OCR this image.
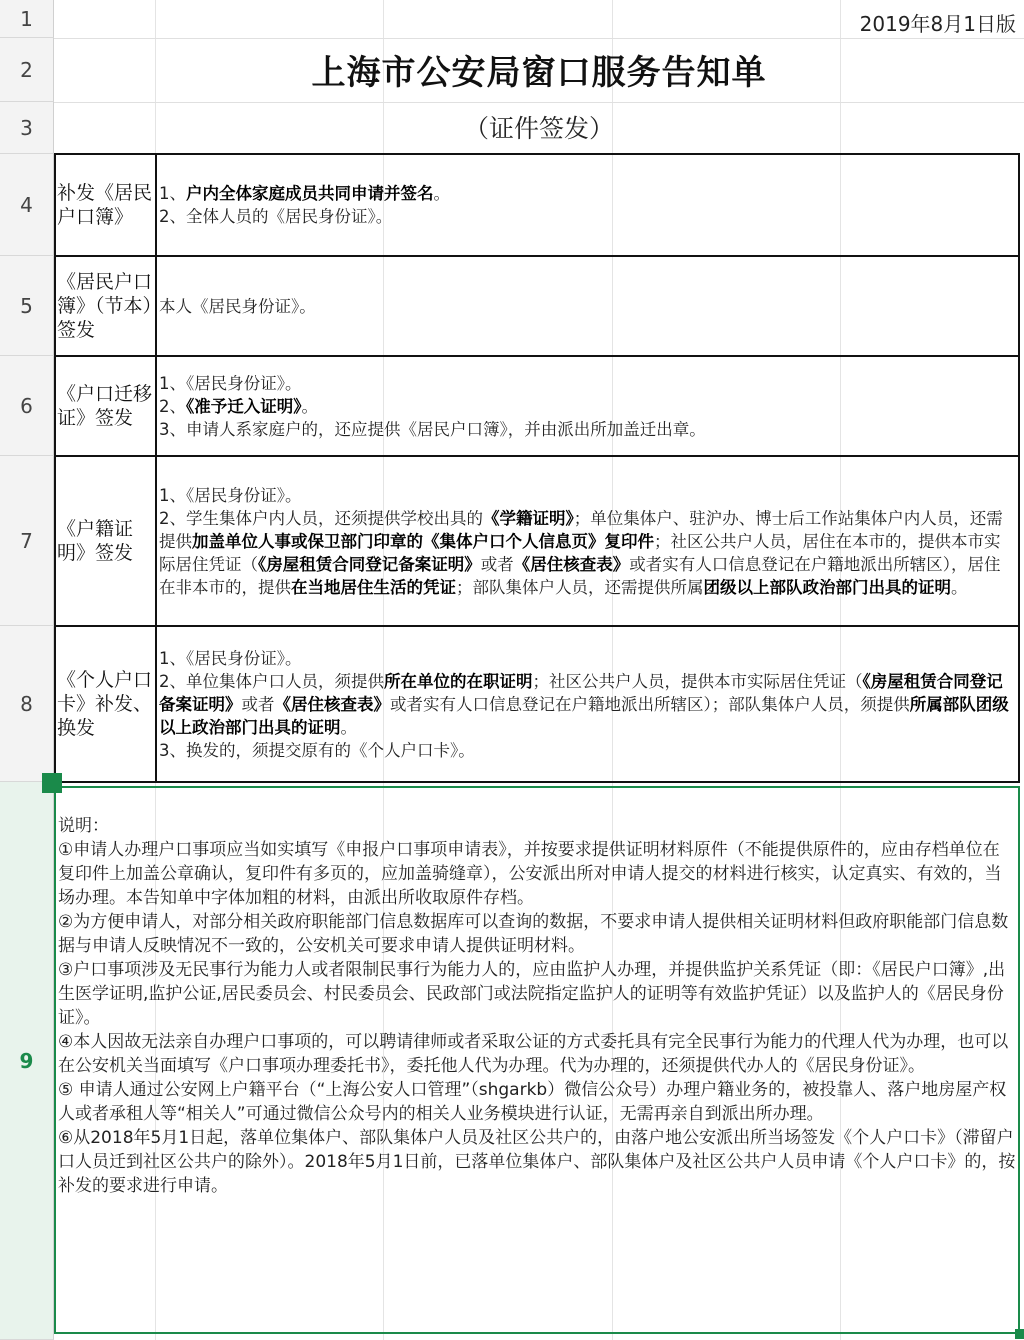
1
2
3
4
5
6
7
8
9
2019年8月1日版
上海市公安局窗口服务告知单
（证件签发）
补发《居民户口簿》	1、户内全体家庭成员共同申请并签名。
2、全体人员的《居民身份证》。

《居民户口簿》（节本）签发	本人《居民身份证》。

《户口迁移证》签发	1、《居民身份证》。
2、《准予迁入证明》。
3、申请人系家庭户的，还应提供《居民户口簿》，并由派出所加盖迁出章。

《户籍证明》签发	1、《居民身份证》。
2、学生集体户内人员，还须提供学校出具的《学籍证明》；单位集体户、驻沪办、博士后工作站集体户内人员，还需提供加盖单位人事或保卫部门印章的《集体户口个人信息页》复印件；社区公共户人员，居住在本市的，提供本市实际居住凭证（《房屋租赁合同登记备案证明》或者《居住核查表》或者实有人口信息登记在户籍地派出所辖区），居住在非本市的，提供在当地居住生活的凭证；部队集体户人员，还需提供所属团级以上部队政治部门出具的证明。

《个人户口卡》补发、换发	1、《居民身份证》。
2、单位集体户口人员，须提供所在单位的在职证明；社区公共户人员，提供本市实际居住凭证（《房屋租赁合同登记备案证明》或者《居住核查表》或者实有人口信息登记在户籍地派出所辖区）；部队集体户人员，须提供所属部队团级以上政治部门出具的证明。
3、换发的，须提交原有的《个人户口卡》。

说明：

①申请人办理户口事项应当如实填写《申报户口事项申请表》，并按要求提供证明材料原件（不能提供原件的，应由存档单位在复印件上加盖公章确认，复印件有多页的，应加盖骑缝章），公安派出所对申请人提交的材料进行核实，认定真实、有效的，当场办理。本告知单中字体加粗的材料，由派出所收取原件存档。

②为方便申请人，对部分相关政府职能部门信息数据库可以查询的数据，不要求申请人提供相关证明材料但政府职能部门信息数据与申请人反映情况不一致的，公安机关可要求申请人提供证明材料。

③户口事项涉及无民事行为能力人或者限制民事行为能力人的，应由监护人办理，并提供监护关系凭证（即：《居民户口簿》,出生医学证明,监护公证,居民委员会、村民委员会、民政部门或法院指定监护人的证明等有效监护凭证）以及监护人的《居民身份证》。

④本人因故无法亲自办理户口事项的，可以聘请律师或者采取公证的方式委托具有完全民事行为能力的代理人代为办理，也可以在公安机关当面填写《户口事项办理委托书》，委托他人代为办理。代为办理的，还须提供代办人的《居民身份证》。

⑤ 申请人通过公安网上户籍平台（“上海公安人口管理”（shgarkb）微信公众号）办理户籍业务的，被投靠人、落户地房屋产权人或者承租人等“相关人”可通过微信公众号内的相关人业务模块进行认证，无需再亲自到派出所办理。

⑥从2018年5月1日起，落单位集体户、部队集体户人员及社区公共户的，由落户地公安派出所当场签发《个人户口卡》（滞留户口人员迁到社区公共户的除外）。2018年5月1日前，已落单位集体户、部队集体户及社区公共户人员申请《个人户口卡》的，按补发的要求进行申请。
